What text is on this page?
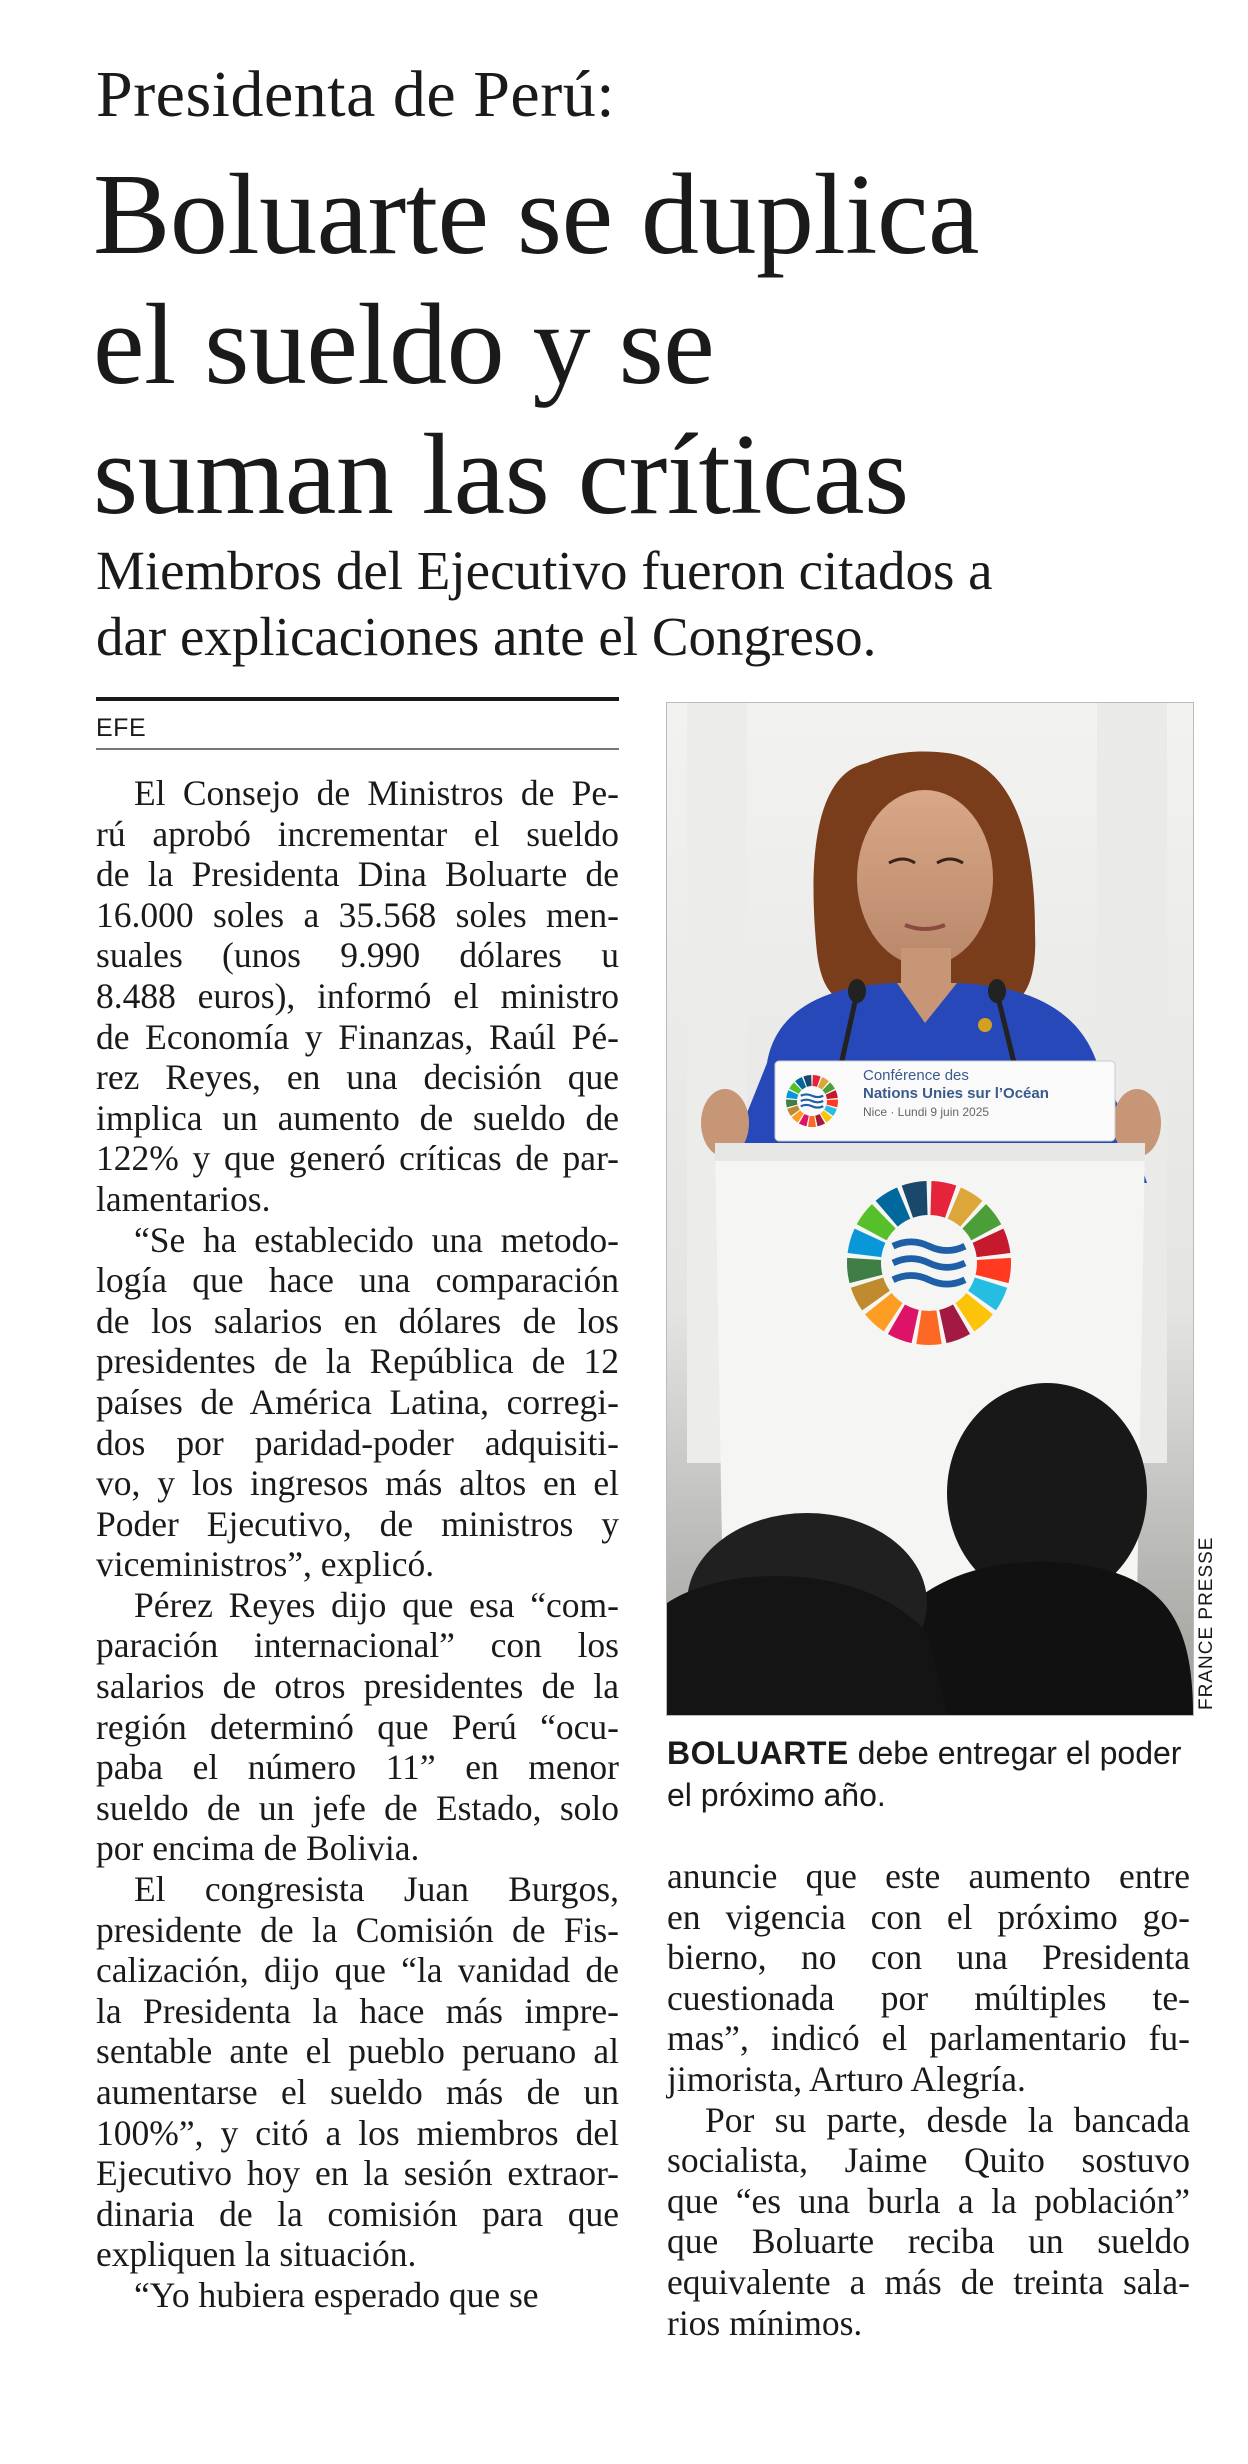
Presidenta de Perú:
Boluarte se duplica
el sueldo y se
suman las críticas
Miembros del Ejecutivo fueron citados a
dar explicaciones ante el Congreso.
EFE
El Consejo de Ministros de Pe-
rú aprobó incrementar el sueldo
de la Presidenta Dina Boluarte de
16.000 soles a 35.568 soles men-
suales (unos 9.990 dólares u
8.488 euros), informó el ministro
de Economía y Finanzas, Raúl Pé-
rez Reyes, en una decisión que
implica un aumento de sueldo de
122% y que generó críticas de par-
lamentarios.
“Se ha establecido una metodo-
logía que hace una comparación
de los salarios en dólares de los
presidentes de la República de 12
países de América Latina, corregi-
dos por paridad-poder adquisiti-
vo, y los ingresos más altos en el
Poder Ejecutivo, de ministros y
viceministros”, explicó.
Pérez Reyes dijo que esa “com-
paración internacional” con los
salarios de otros presidentes de la
región determinó que Perú “ocu-
paba el número 11” en menor
sueldo de un jefe de Estado, solo
por encima de Bolivia.
El congresista Juan Burgos,
presidente de la Comisión de Fis-
calización, dijo que “la vanidad de
la Presidenta la hace más impre-
sentable ante el pueblo peruano al
aumentarse el sueldo más de un
100%”, y citó a los miembros del
Ejecutivo hoy en la sesión extraor-
dinaria de la comisión para que
expliquen la situación.
“Yo hubiera esperado que se
Conférence des
Nations Unies sur l’Océan
Nice · Lundi 9 juin 2025
FRANCE PRESSE
BOLUARTE debe entregar el poder
el próximo año.
anuncie que este aumento entre
en vigencia con el próximo go-
bierno, no con una Presidenta
cuestionada por múltiples te-
mas”, indicó el parlamentario fu-
jimorista, Arturo Alegría.
Por su parte, desde la bancada
socialista, Jaime Quito sostuvo
que “es una burla a la población”
que Boluarte reciba un sueldo
equivalente a más de treinta sala-
rios mínimos.
